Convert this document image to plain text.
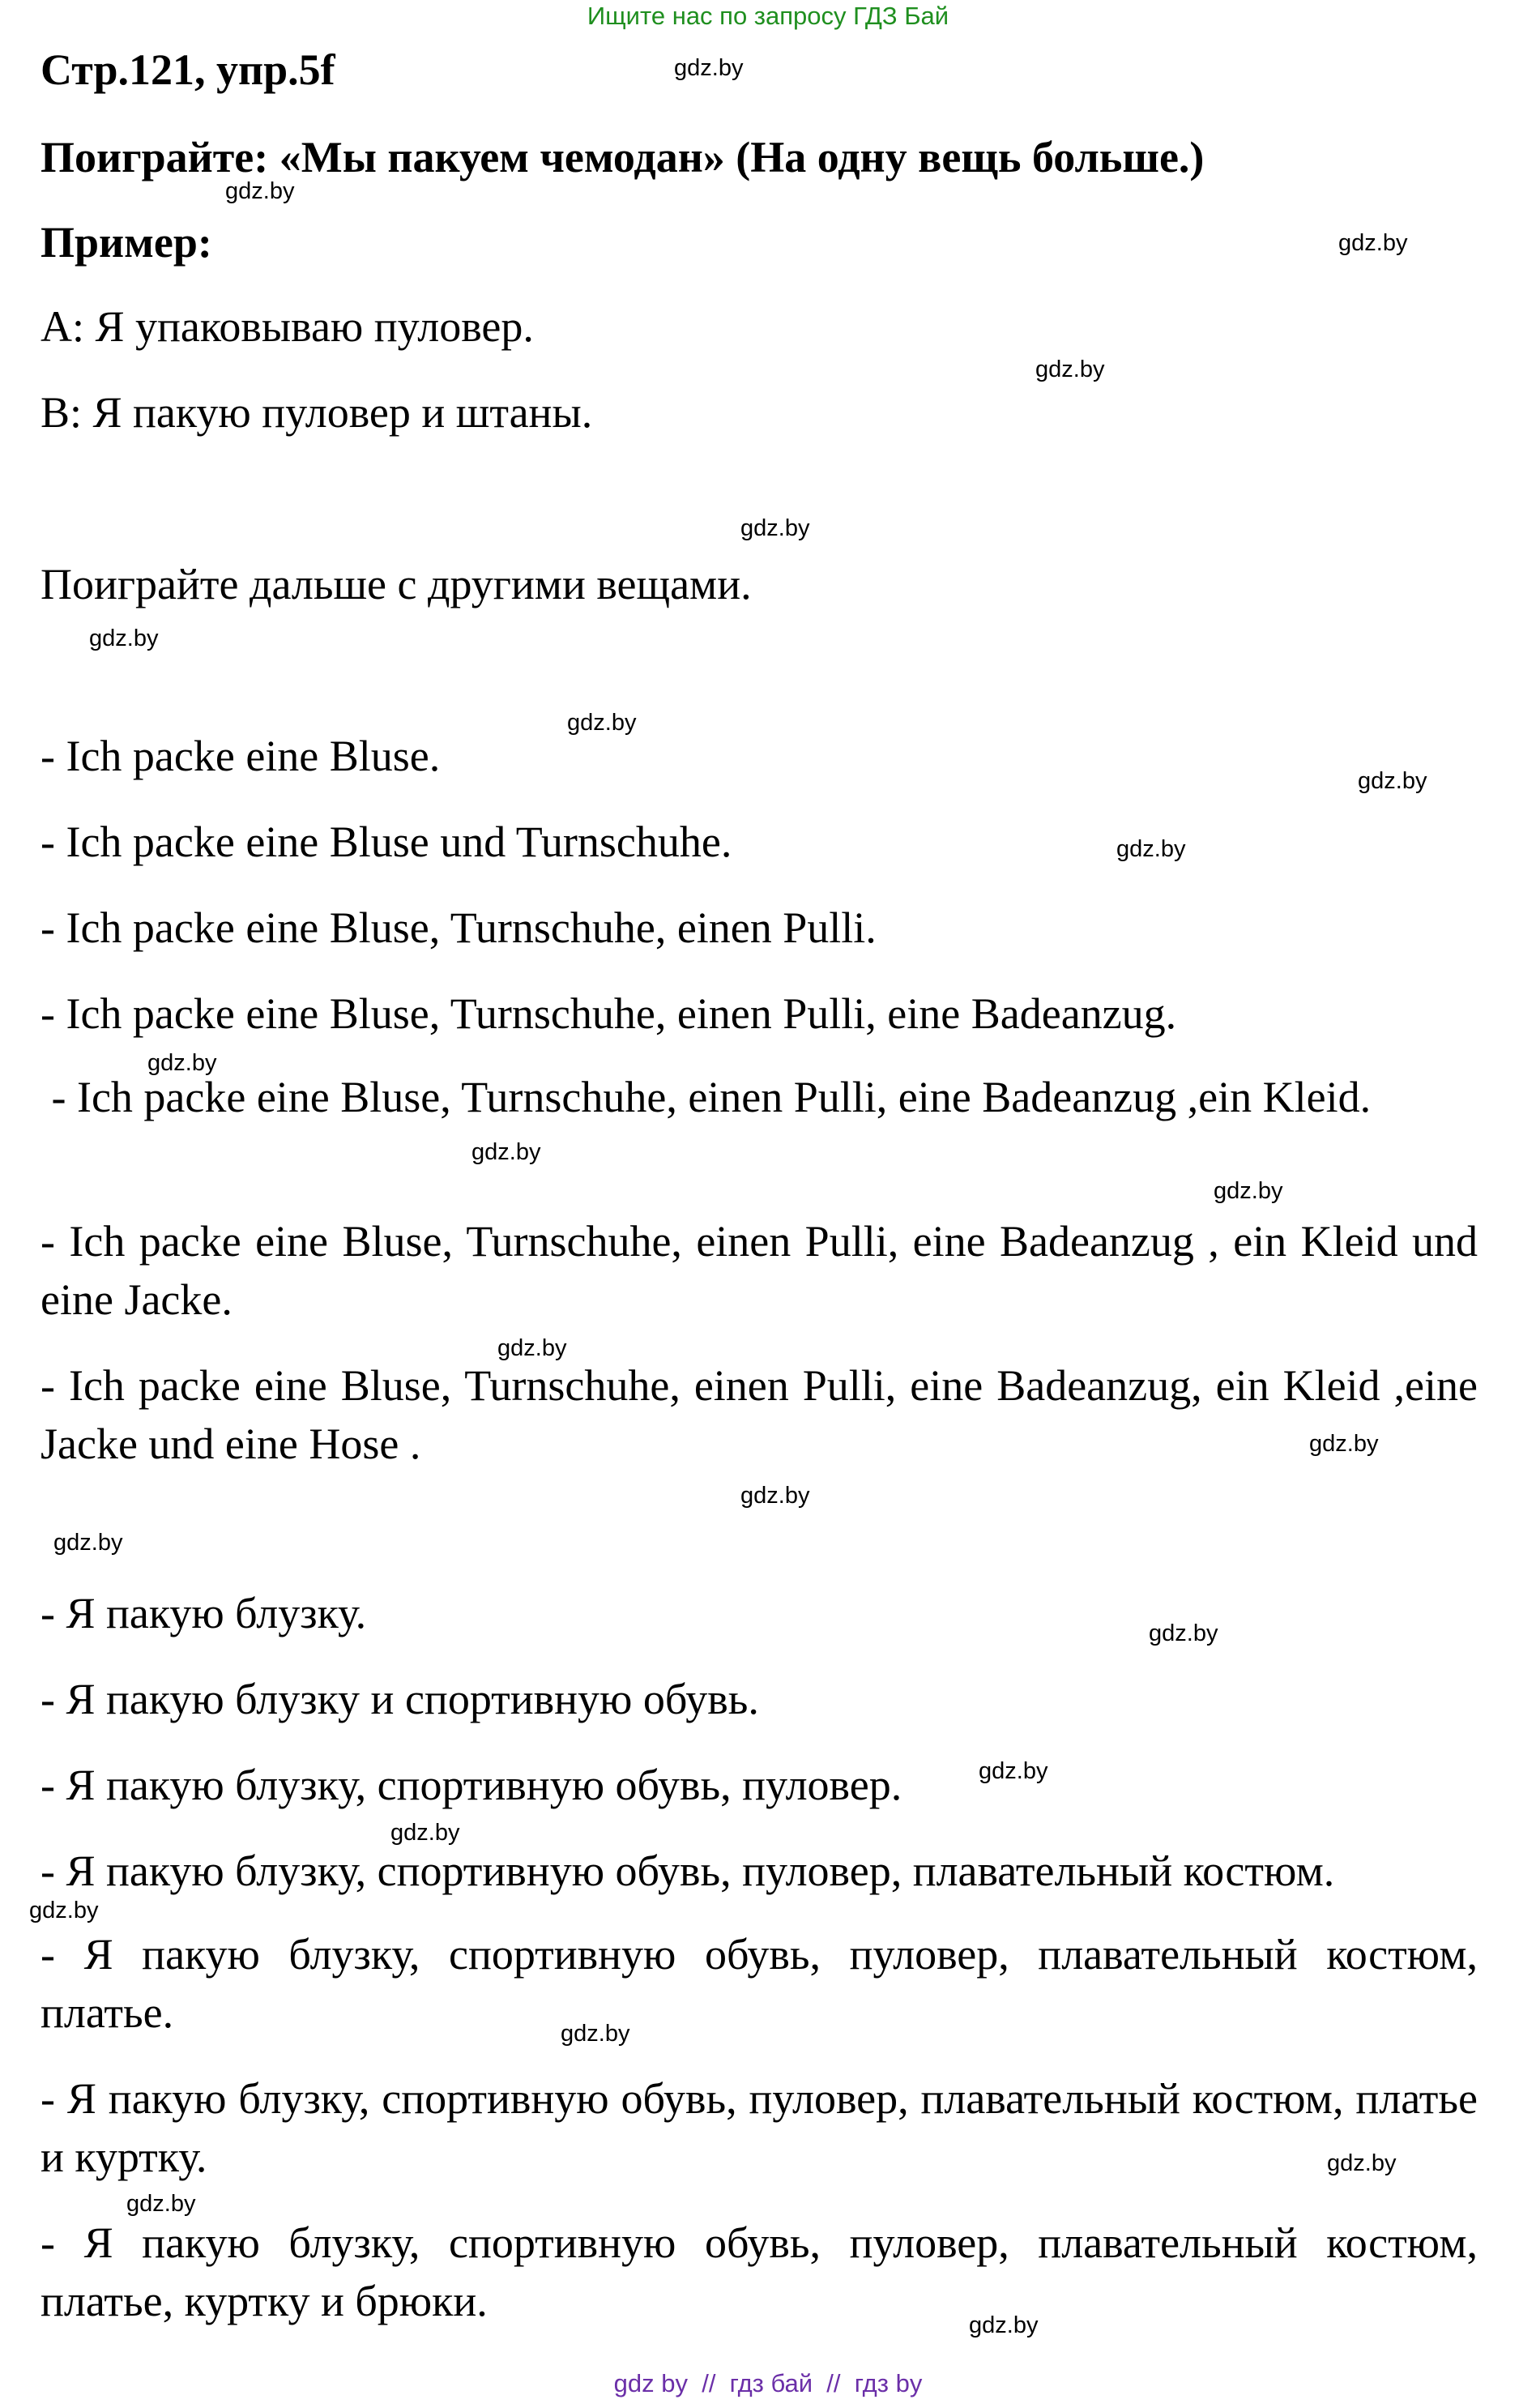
Ищите нас по запросу ГДЗ Бай
Стр.121, упр.5f
Поиграйте: «Мы пакуем чемодан» (На одну вещь больше.)
Пример:
A: Я упаковываю пуловер.
B: Я пакую пуловер и штаны.
Поиграйте дальше с другими вещами.
- Ich packe eine Bluse.
- Ich packe eine Bluse und Turnschuhe.
- Ich packe eine Bluse, Turnschuhe, einen Pulli.
- Ich packe eine Bluse, Turnschuhe, einen Pulli, eine Badeanzug.
- Ich packe eine Bluse, Turnschuhe, einen Pulli, eine Badeanzug ,ein Kleid.
- Ich packe eine Bluse, Turnschuhe, einen Pulli, eine Badeanzug , ein Kleid und eine Jacke.
- Ich packe eine Bluse, Turnschuhe, einen Pulli, eine Badeanzug, ein Kleid ,eine Jacke und eine Hose .
- Я пакую блузку.
- Я пакую блузку и спортивную обувь.
- Я пакую блузку, спортивную обувь, пуловер.
- Я пакую блузку, спортивную обувь, пуловер, плавательный костюм.
- Я пакую блузку, спортивную обувь, пуловер, плавательный костюм, платье.
- Я пакую блузку, спортивную обувь, пуловер, плавательный костюм, платье и куртку.
- Я пакую блузку, спортивную обувь, пуловер, плавательный костюм, платье, куртку и брюки.
gdz.by
gdz.by
gdz.by
gdz.by
gdz.by
gdz.by
gdz.by
gdz.by
gdz.by
gdz.by
gdz.by
gdz.by
gdz.by
gdz.by
gdz.by
gdz.by
gdz.by
gdz.by
gdz.by
gdz.by
gdz.by
gdz.by
gdz.by
gdz.by
gdz by  //  гдз бай  //  гдз by
